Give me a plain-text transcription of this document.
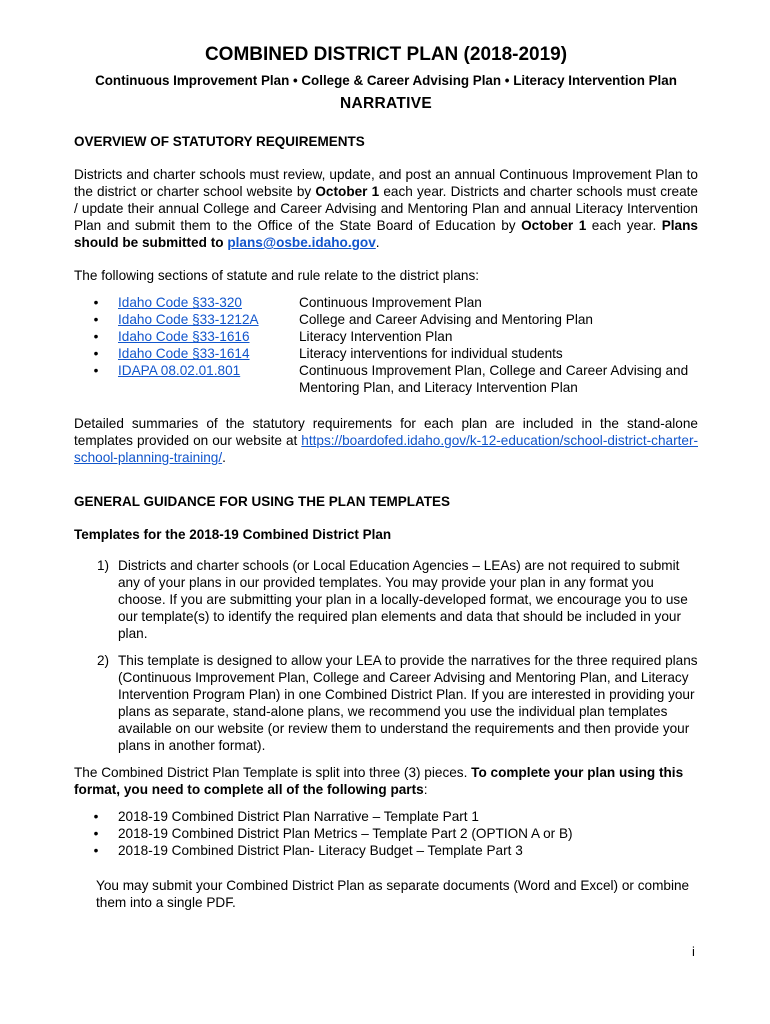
COMBINED DISTRICT PLAN (2018-2019)
Continuous Improvement Plan • College & Career Advising Plan • Literacy Intervention Plan
NARRATIVE
OVERVIEW OF STATUTORY REQUIREMENTS

Districts and charter schools must review, update, and post an annual Continuous Improvement Plan to the district or charter school website by October 1 each year. Districts and charter schools must create / update their annual College and Career Advising and Mentoring Plan and annual Literacy Intervention Plan and submit them to the Office of the State Board of Education by October 1 each year. Plans should be submitted to plans@osbe.idaho.gov.

The following sections of statute and rule relate to the district plans:

•	Idaho Code §33-320	Continuous Improvement Plan
•	Idaho Code §33-1212A	College and Career Advising and Mentoring Plan
•	Idaho Code §33-1616	Literacy Intervention Plan
•	Idaho Code §33-1614	Literacy interventions for individual students
•	IDAPA 08.02.01.801	Continuous Improvement Plan, College and Career Advising and Mentoring Plan, and Literacy Intervention Plan

Detailed summaries of the statutory requirements for each plan are included in the stand-alone templates provided on our website at https://boardofed.idaho.gov/k-12-education/school-district-charter-school-planning-training/.

GENERAL GUIDANCE FOR USING THE PLAN TEMPLATES
Templates for the 2018-19 Combined District Plan
1) Districts and charter schools (or Local Education Agencies – LEAs) are not required to submit any of your plans in our provided templates. You may provide your plan in any format you choose. If you are submitting your plan in a locally-developed format, we encourage you to use our template(s) to identify the required plan elements and data that should be included in your plan.
2) This template is designed to allow your LEA to provide the narratives for the three required plans (Continuous Improvement Plan, College and Career Advising and Mentoring Plan, and Literacy Intervention Program Plan) in one Combined District Plan. If you are interested in providing your plans as separate, stand-alone plans, we recommend you use the individual plan templates available on our website (or review them to understand the requirements and then provide your plans in another format).

The Combined District Plan Template is split into three (3) pieces. To complete your plan using this format, you need to complete all of the following parts:

•	2018-19 Combined District Plan Narrative – Template Part 1
•	2018-19 Combined District Plan Metrics – Template Part 2 (OPTION A or B)
•	2018-19 Combined District Plan- Literacy Budget – Template Part 3

You may submit your Combined District Plan as separate documents (Word and Excel) or combine them into a single PDF.

i
